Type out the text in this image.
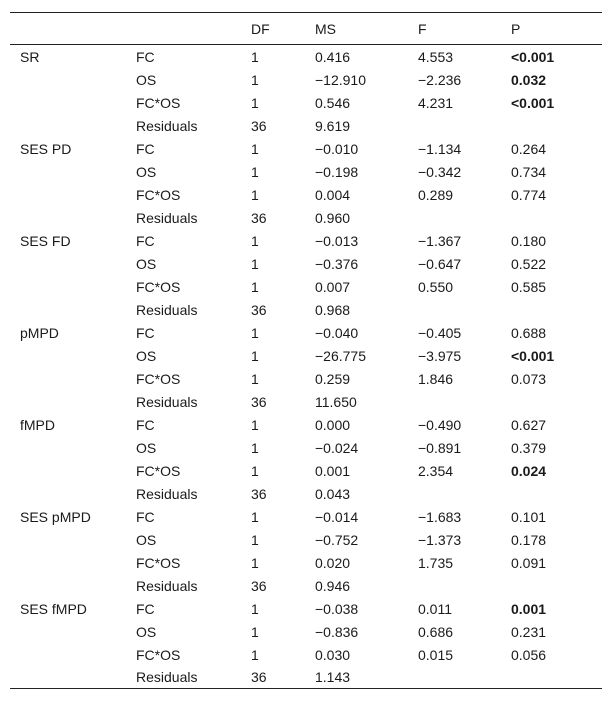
		DF	MS	F	P
SR	FC	1	0.416	4.553	<0.001
	OS	1	−12.910	−2.236	0.032
	FC*OS	1	0.546	4.231	<0.001
	Residuals	36	9.619		
SES PD	FC	1	−0.010	−1.134	0.264
	OS	1	−0.198	−0.342	0.734
	FC*OS	1	0.004	0.289	0.774
	Residuals	36	0.960		
SES FD	FC	1	−0.013	−1.367	0.180
	OS	1	−0.376	−0.647	0.522
	FC*OS	1	0.007	0.550	0.585
	Residuals	36	0.968		
pMPD	FC	1	−0.040	−0.405	0.688
	OS	1	−26.775	−3.975	<0.001
	FC*OS	1	0.259	1.846	0.073
	Residuals	36	11.650		
fMPD	FC	1	0.000	−0.490	0.627
	OS	1	−0.024	−0.891	0.379
	FC*OS	1	0.001	2.354	0.024
	Residuals	36	0.043		
SES pMPD	FC	1	−0.014	−1.683	0.101
	OS	1	−0.752	−1.373	0.178
	FC*OS	1	0.020	1.735	0.091
	Residuals	36	0.946		
SES fMPD	FC	1	−0.038	0.011	0.001
	OS	1	−0.836	0.686	0.231
	FC*OS	1	0.030	0.015	0.056
	Residuals	36	1.143		
